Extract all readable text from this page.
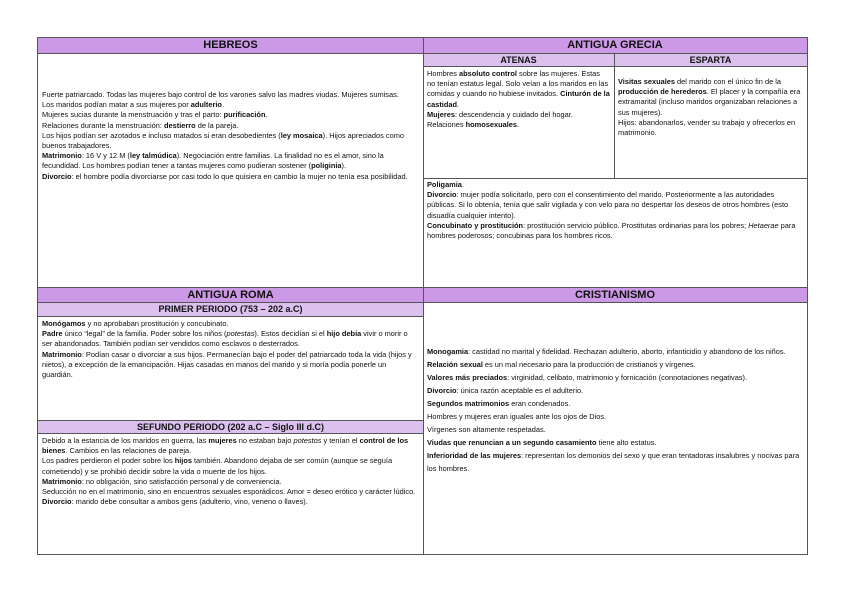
HEBREOS

Fuerte patriarcado. Todas las mujeres bajo control de los varones salvo las madres viudas. Mujeres sumisas.

Los maridos podían matar a sus mujeres por adulterio.

Mujeres sucias durante la menstruación y tras el parto: purificación.

Relaciones durante la menstruación: destierro de la pareja.

Los hijos podían ser azotados e incluso matados si eran desobedientes (ley mosaica). Hijos apreciados como buenos trabajadores.

Matrimonio: 16 V y 12 M (ley talmúdica). Negociación entre familias. La finalidad no es el amor, sino la fecundidad. Los hombres podían tener a tantas mujeres como pudieran sostener (poliginia).

Divorcio: el hombre podía divorciarse por casi todo lo que quisiera en cambio la mujer no tenía esa posibilidad.

ANTIGUA GRECIA
ATENAS	ESPARTA

Hombres absoluto control sobre las mujeres. Estas no tenían estatus legal. Solo veían a los maridos en las comidas y cuando no hubiese invitados. Cinturón de la castidad.

Mujeres: descendencia y cuidado del hogar.

Relaciones homosexuales.

Visitas sexuales del marido con el único fin de la producción de herederos. El placer y la compañía era extramarital (incluso maridos organizaban relaciones a sus mujeres).

Hijos: abandonarlos, vender su trabajo y ofrecerlos en matrimonio.

Poligamia.

Divorcio: mujer podía solicitarlo, pero con el consentimiento del marido. Posteriormente a las autoridades públicas. Si lo obtenía, tenía que salir vigilada y con velo para no despertar los deseos de otros hombres (esto disuadía cualquier intento).

Concubinato y prostitución: prostitución servicio público. Prostitutas ordinarias para los pobres; Hetaerae para hombres poderosos; concubinas para los hombres ricos.

ANTIGUA ROMA
PRIMER PERIODO (753 – 202 a.C)

Monógamos y no aprobaban prostitución y concubinato.

Padre único “legal” de la familia. Poder sobre los niños (potestas). Estos decidían si el hijo debía vivir o morir o ser abandonados. También podían ser vendidos como esclavos o desterrados.

Matrimonio: Podían casar o divorciar a sus hijos. Permanecían bajo el poder del patriarcado toda la vida (hijos y nietos), a excepción de la emancipación. Hijas casadas en manos del marido y si moría podía ponerle un guardián.

SEFUNDO PERIODO (202 a.C – Siglo III d.C)

Debido a la estancia de los maridos en guerra, las mujeres no estaban bajo potestos y tenían el control de los bienes. Cambios en las relaciones de pareja.

Los padres perdieron el poder sobre los hijos también. Abandono dejaba de ser común (aunque se seguía cometiendo) y se prohibió decidir sobre la vida o muerte de los hijos.

Matrimonio: no obligación, sino satisfacción personal y de conveniencia.

Seducción no en el matrimonio, sino en encuentros sexuales esporádicos. Amor = deseo erótico y carácter lúdico.

Divorcio: marido debe consultar a ambos gens (adulterio, vino, veneno o llaves).

CRISTIANISMO

Monogamia: castidad no marital y fidelidad. Rechazan adulterio, aborto, infanticidio y abandono de los niños.

Relación sexual es un mal necesario para la producción de cristianos y vírgenes.

Valores más preciados: virginidad, celibato, matrimonio y fornicación (connotaciones negativas).

Divorcio: única razón aceptable es el adulterio.

Segundos matrimonios eran condenados.

Hombres y mujeres eran iguales ante los ojos de Dios.

Vírgenes son altamente respetadas.

Viudas que renuncian a un segundo casamiento tiene alto estatus.

Inferioridad de las mujeres: representan los demonios del sexo y que eran tentadoras insalubres y nocivas para los hombres.
